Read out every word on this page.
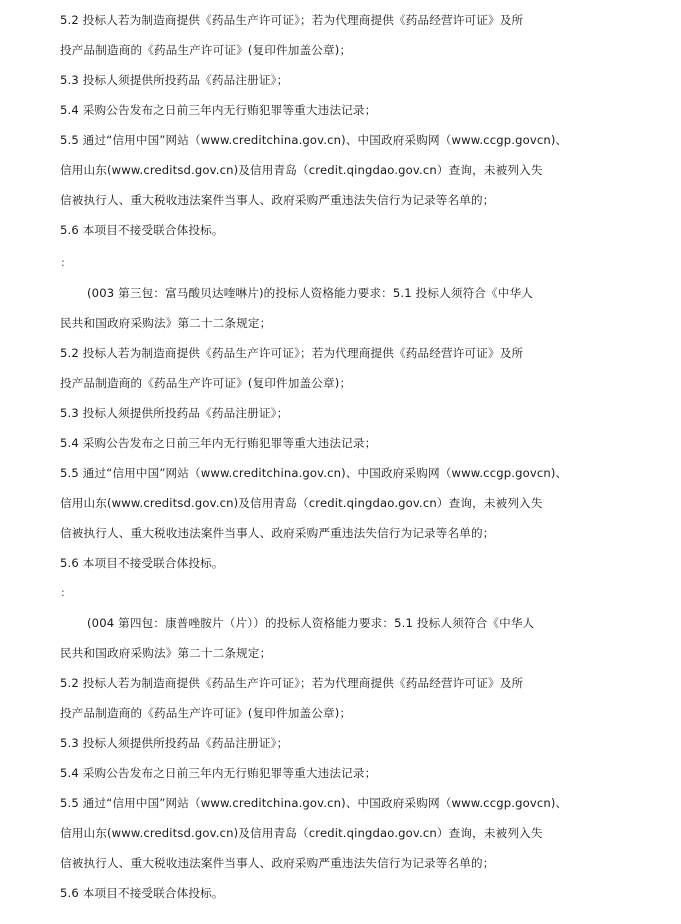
5.2 投标人若为制造商提供《药品生产许可证》；若为代理商提供《药品经营许可证》及所
投产品制造商的《药品生产许可证》(复印件加盖公章)；
5.3 投标人须提供所投药品《药品注册证》；
5.4 采购公告发布之日前三年内无行贿犯罪等重大违法记录；
5.5 通过“信用中国”网站（www.creditchina.gov.cn)、中国政府采购网（www.ccgp.govcn)、
信用山东(www.creditsd.gov.cn)及信用青岛（credit.qingdao.gov.cn）查询，未被列入失
信被执行人、重大税收违法案件当事人、政府采购严重违法失信行为记录等名单的；
5.6 本项目不接受联合体投标。
:
(003 第三包：富马酸贝达喹啉片)的投标人资格能力要求：5.1 投标人须符合《中华人
民共和国政府采购法》第二十二条规定；
5.2 投标人若为制造商提供《药品生产许可证》；若为代理商提供《药品经营许可证》及所
投产品制造商的《药品生产许可证》(复印件加盖公章)；
5.3 投标人须提供所投药品《药品注册证》；
5.4 采购公告发布之日前三年内无行贿犯罪等重大违法记录；
5.5 通过“信用中国”网站（www.creditchina.gov.cn)、中国政府采购网（www.ccgp.govcn)、
信用山东(www.creditsd.gov.cn)及信用青岛（credit.qingdao.gov.cn）查询，未被列入失
信被执行人、重大税收违法案件当事人、政府采购严重违法失信行为记录等名单的；
5.6 本项目不接受联合体投标。
:
(004 第四包：康普唑胺片（片））的投标人资格能力要求：5.1 投标人须符合《中华人
民共和国政府采购法》第二十二条规定；
5.2 投标人若为制造商提供《药品生产许可证》；若为代理商提供《药品经营许可证》及所
投产品制造商的《药品生产许可证》(复印件加盖公章)；
5.3 投标人须提供所投药品《药品注册证》；
5.4 采购公告发布之日前三年内无行贿犯罪等重大违法记录；
5.5 通过“信用中国”网站（www.creditchina.gov.cn)、中国政府采购网（www.ccgp.govcn)、
信用山东(www.creditsd.gov.cn)及信用青岛（credit.qingdao.gov.cn）查询，未被列入失
信被执行人、重大税收违法案件当事人、政府采购严重违法失信行为记录等名单的；
5.6 本项目不接受联合体投标。
